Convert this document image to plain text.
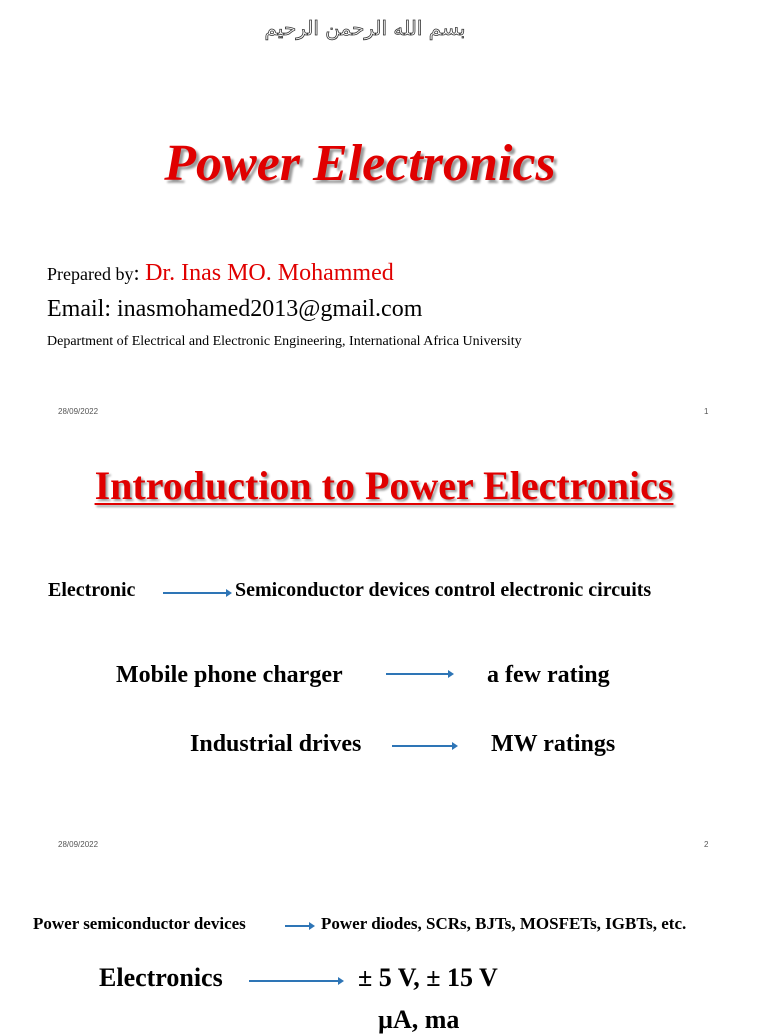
بسم الله الرحمن الرحيم
Power Electronics
Prepared by: Dr. Inas MO. Mohammed
Email: inasmohamed2013@gmail.com
Department of Electrical and Electronic Engineering, International Africa University
28/09/2022	1
Introduction to Power Electronics
Electronic	Semiconductor devices control electronic circuits
Mobile phone charger	a few rating
Industrial drives	MW ratings
28/09/2022	2
Power semiconductor devices	Power diodes, SCRs, BJTs, MOSFETs, IGBTs, etc.
Electronics	± 5 V, ± 15 V
µA, ma
